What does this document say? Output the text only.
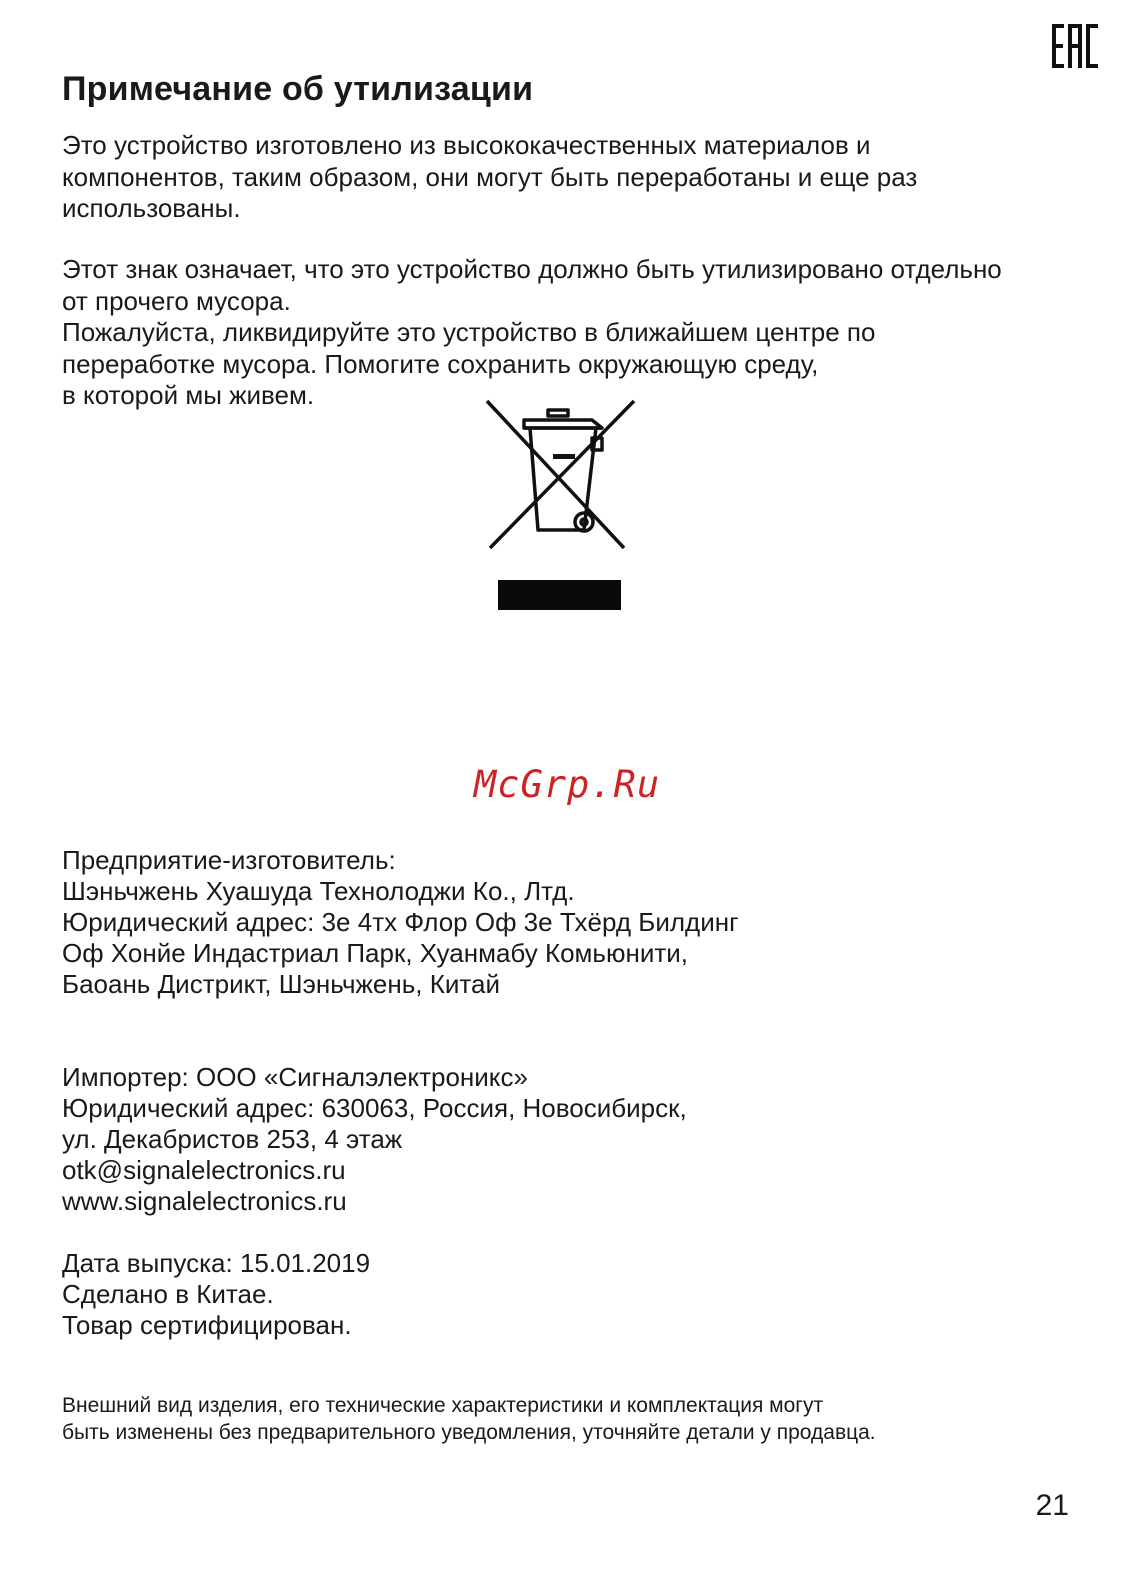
Примечание об утилизации

Это устройство изготовлено из высококачественных материалов и
компонентов, таким образом, они могут быть переработаны и еще раз
использованы.

Этот знак означает, что это устройство должно быть утилизировано отдельно
от прочего мусора.
Пожалуйста, ликвидируйте это устройство в ближайшем центре по
переработке мусора. Помогите сохранить окружающую среду,
в которой мы живем.

McGrp.Ru

Предприятие-изготовитель:
Шэньчжень Хуашуда Технолоджи Ко., Лтд.
Юридический адрес: 3е 4тх Флор Оф 3е Тхёрд Билдинг
Оф Хонйе Индастриал Парк, Хуанмабу Комьюнити,
Баоань Дистрикт, Шэньчжень, Китай

Импортер: ООО «Сигналэлектроникс»
Юридический адрес: 630063, Россия, Новосибирск,
ул. Декабристов 253, 4 этаж
otk@signalelectronics.ru
www.signalelectronics.ru

Дата выпуска: 15.01.2019
Сделано в Китае.
Товар сертифицирован.

Внешний вид изделия, его технические характеристики и комплектация могут
быть изменены без предварительного уведомления, уточняйте детали у продавца.

21
